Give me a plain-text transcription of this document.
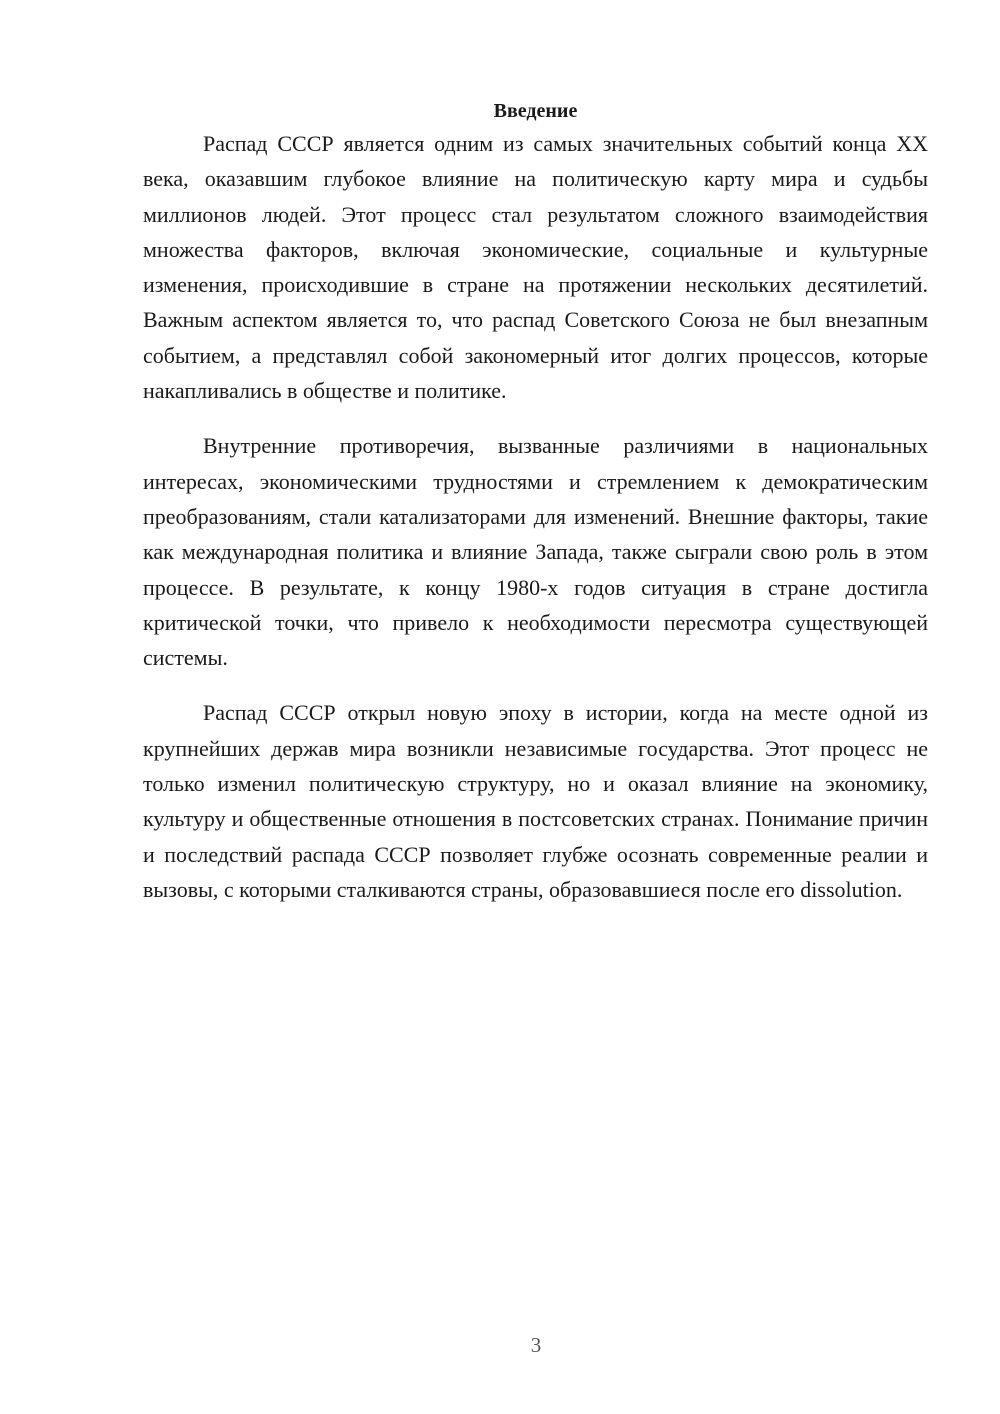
Введение

Распад СССР является одним из самых значительных событий конца XX века, оказавшим глубокое влияние на политическую карту мира и судьбы миллионов людей. Этот процесс стал результатом сложного взаимодействия множества факторов, включая экономические, социальные и культурные изменения, происходившие в стране на протяжении нескольких десятилетий. Важным аспектом является то, что распад Советского Союза не был внезапным событием, а представлял собой закономерный итог долгих процессов, которые накапливались в обществе и политике.

Внутренние противоречия, вызванные различиями в национальных интересах, экономическими трудностями и стремлением к демократическим преобразованиям, стали катализаторами для изменений. Внешние факторы, такие как международная политика и влияние Запада, также сыграли свою роль в этом процессе. В результате, к концу 1980-х годов ситуация в стране достигла критической точки, что привело к необходимости пересмотра существующей системы.

Распад СССР открыл новую эпоху в истории, когда на месте одной из крупнейших держав мира возникли независимые государства. Этот процесс не только изменил политическую структуру, но и оказал влияние на экономику, культуру и общественные отношения в постсоветских странах. Понимание причин и последствий распада СССР позволяет глубже осознать современные реалии и вызовы, с которыми сталкиваются страны, образовавшиеся после его dissolution.

3
